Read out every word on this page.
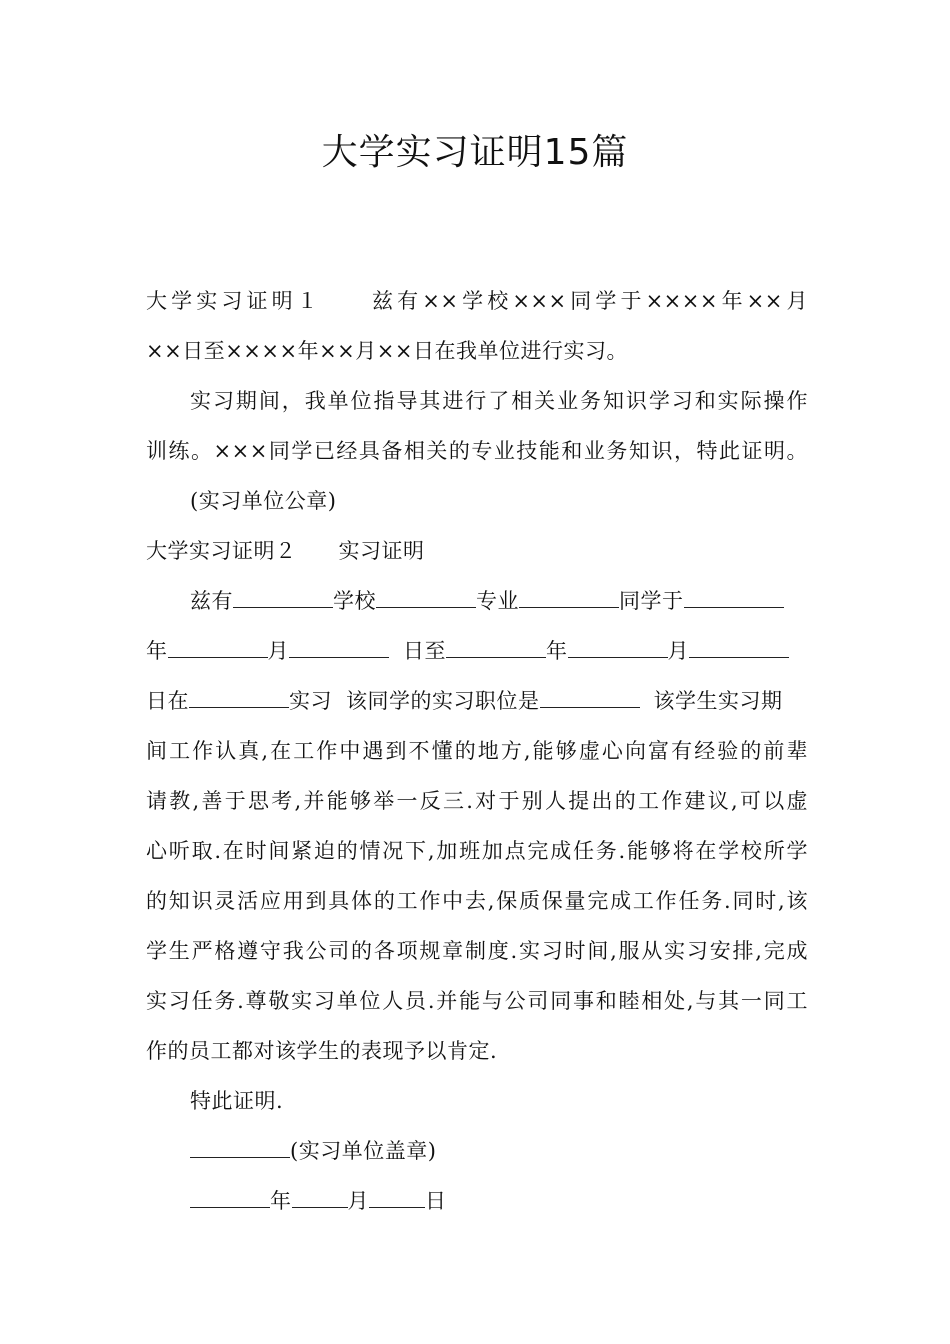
大学实习证明15篇
大学实习证明１　　兹有××学校×××同学于××××年××月
××日至××××年××月××日在我单位进行实习。
实习期间，我单位指导其进行了相关业务知识学习和实际操作
训练。×××同学已经具备相关的专业技能和业务知识，特此证明。
(实习单位公章)
大学实习证明２ 实习证明
兹有	学校	专业	同学于
年	月	日至	年	月
日在	实习 该同学的实习职位是	该学生实习期
间工作认真,在工作中遇到不懂的地方,能够虚心向富有经验的前辈
请教,善于思考,并能够举一反三.对于别人提出的工作建议,可以虚
心听取.在时间紧迫的情况下,加班加点完成任务.能够将在学校所学
的知识灵活应用到具体的工作中去,保质保量完成工作任务.同时,该
学生严格遵守我公司的各项规章制度.实习时间,服从实习安排,完成
实习任务.尊敬实习单位人员.并能与公司同事和睦相处,与其一同工
作的员工都对该学生的表现予以肯定.
特此证明.
(实习单位盖章)
年	月	日
